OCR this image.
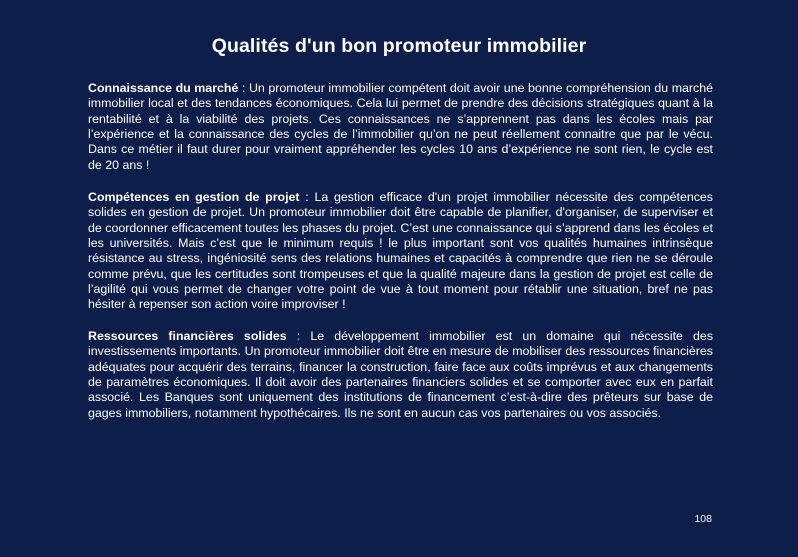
Qualités d'un bon promoteur immobilier

Connaissance du marché : Un promoteur immobilier compétent doit avoir une bonne compréhension du marché immobilier local et des tendances économiques. Cela lui permet de prendre des décisions stratégiques quant à la rentabilité et à la viabilité des projets. Ces connaissances ne s’apprennent pas dans les écoles mais par l’expérience et la connaissance des cycles de l’immobilier qu’on ne peut réellement connaitre que par le vécu. Dans ce métier il faut durer pour vraiment appréhender les cycles 10 ans d’expérience ne sont rien, le cycle est de 20 ans !

Compétences en gestion de projet : La gestion efficace d'un projet immobilier nécessite des compétences solides en gestion de projet. Un promoteur immobilier doit être capable de planifier, d'organiser, de superviser et de coordonner efficacement toutes les phases du projet. C’est une connaissance qui s’apprend dans les écoles et les universités. Mais c’est que le minimum requis ! le plus important sont vos qualités humaines intrinsèque résistance au stress, ingéniosité sens des relations humaines et capacités à comprendre que rien ne se déroule comme prévu, que les certitudes sont trompeuses et que la qualité majeure dans la gestion de projet est celle de l’agilité qui vous permet de changer votre point de vue à tout moment pour rétablir une situation, bref ne pas hésiter à repenser son action voire improviser !

Ressources financières solides : Le développement immobilier est un domaine qui nécessite des investissements importants. Un promoteur immobilier doit être en mesure de mobiliser des ressources financières adéquates pour acquérir des terrains, financer la construction, faire face aux coûts imprévus et aux changements de paramètres économiques. Il doit avoir des partenaires financiers solides et se comporter avec eux en parfait associé. Les Banques sont uniquement des institutions de financement c’est-à-dire des prêteurs sur base de gages immobiliers, notamment hypothécaires. Ils ne sont en aucun cas vos partenaires ou vos associés.

108
